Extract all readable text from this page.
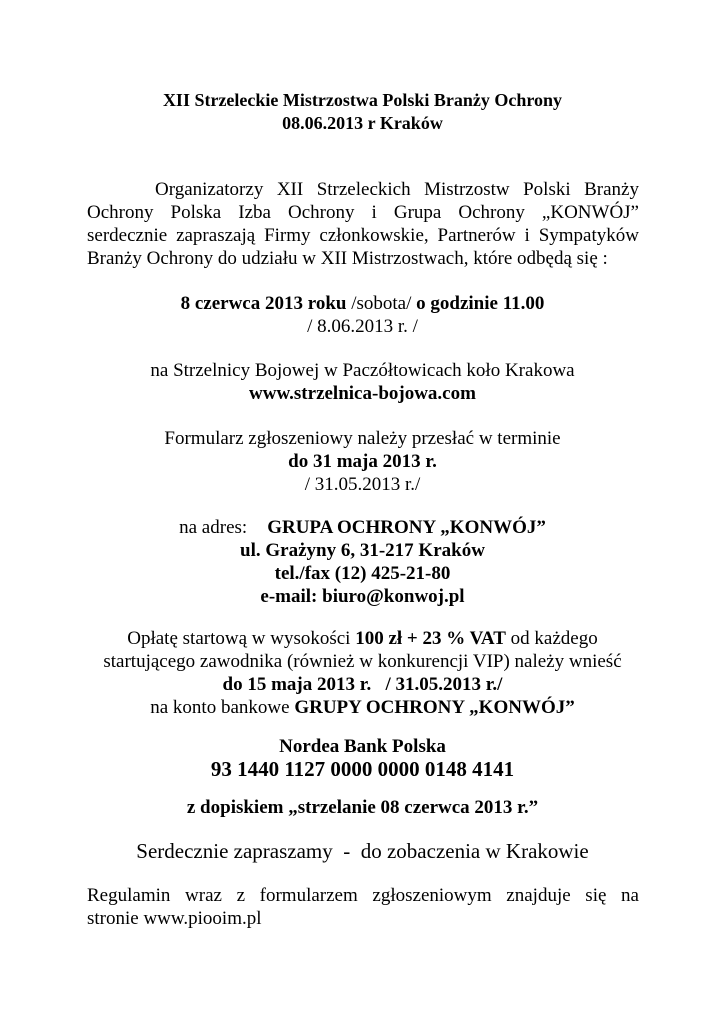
XII Strzeleckie Mistrzostwa Polski Branży Ochrony
08.06.2013 r Kraków
Organizatorzy XII Strzeleckich Mistrzostw Polski Branży
Ochrony Polska Izba Ochrony i Grupa Ochrony „KONWÓJ”
serdecznie zapraszają Firmy członkowskie, Partnerów i Sympatyków
Branży Ochrony do udziału w XII Mistrzostwach, które odbędą się :
8 czerwca 2013 roku /sobota/ o godzinie 11.00
/ 8.06.2013 r. /
na Strzelnicy Bojowej w Paczółtowicach koło Krakowa
www.strzelnica-bojowa.com
Formularz zgłoszeniowy należy przesłać w terminie
do 31 maja 2013 r.
/ 31.05.2013 r./
na adres: GRUPA OCHRONY „KONWÓJ”
ul. Grażyny 6, 31-217 Kraków
tel./fax (12) 425-21-80
e-mail: biuro@konwoj.pl
Opłatę startową w wysokości 100 zł + 23 % VAT od każdego
startującego zawodnika (również w konkurencji VIP) należy wnieść
do 15 maja 2013 r.   / 31.05.2013 r./
na konto bankowe GRUPY OCHRONY „KONWÓJ”
Nordea Bank Polska
93 1440 1127 0000 0000 0148 4141
z dopiskiem „strzelanie 08 czerwca 2013 r.”
Serdecznie zapraszamy  -  do zobaczenia w Krakowie
Regulamin wraz z formularzem zgłoszeniowym znajduje się na
stronie www.piooim.pl
